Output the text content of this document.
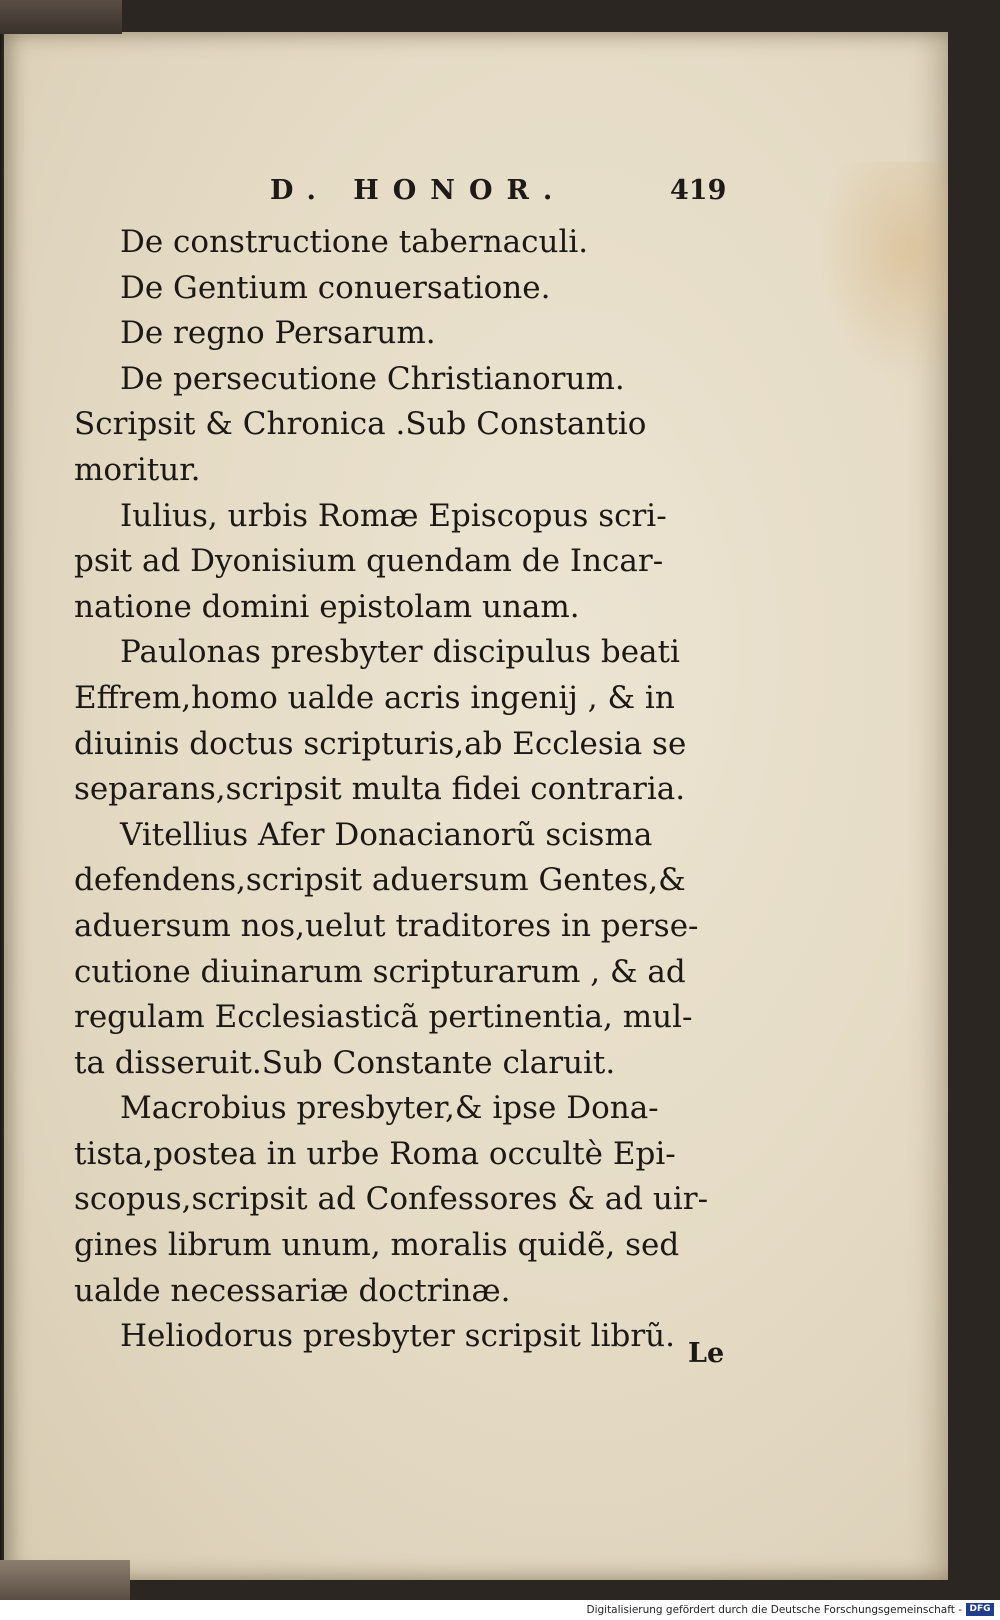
D. HONOR.	419
De constructione tabernaculi.
De Gentium conuersatione.
De regno Persarum.
De persecutione Christianorum.
Scripsit & Chronica .Sub Constantio
moritur.
Iulius, urbis Romæ Episcopus scri-
psit ad Dyonisium quendam de Incar-
natione domini epistolam unam.
Paulonas presbyter discipulus beati
Effrem,homo ualde acris ingenij , & in
diuinis doctus scripturis,ab Ecclesia se
separans,scripsit multa fidei contraria.
Vitellius Afer Donacianorũ scisma
defendens,scripsit aduersum Gentes,&
aduersum nos,uelut traditores in perse-
cutione diuinarum scripturarum , & ad
regulam Ecclesiasticã pertinentia, mul-
ta disseruit.Sub Constante claruit.
Macrobius presbyter,& ipse Dona-
tista,postea in urbe Roma occultè Epi-
scopus,scripsit ad Confessores & ad uir-
gines librum unum, moralis quidẽ, sed
ualde necessariæ doctrinæ.
Heliodorus presbyter scripsit librũ. Le
Digitalisierung gefördert durch die Deutsche Forschungsgemeinschaft - DFG
